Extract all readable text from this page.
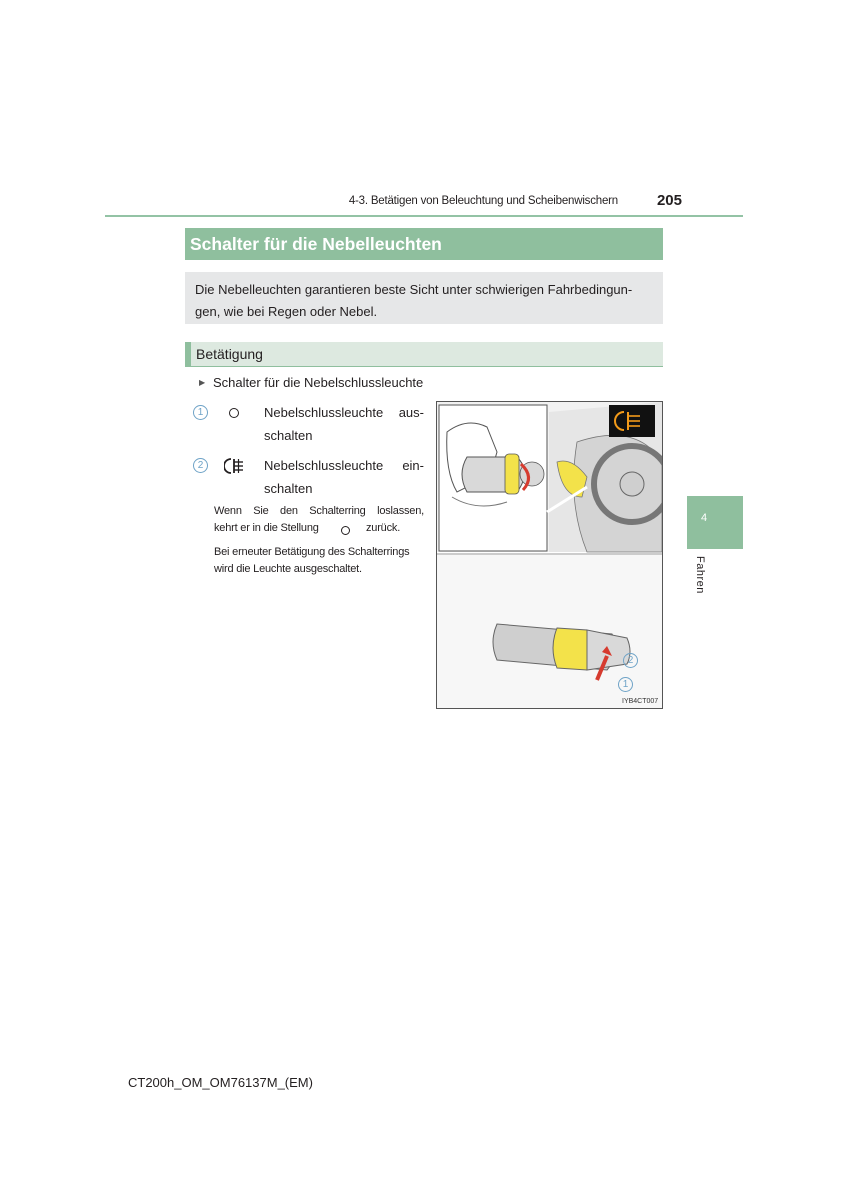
4-3. Betätigen von Beleuchtung und Scheibenwischern	205
4
Fahren
Schalter für die Nebelleuchten
Die Nebelleuchten garantieren beste Sicht unter schwierigen Fahrbedingun-gen, wie bei Regen oder Nebel.
Betätigung
▶ Schalter für die Nebelschlussleuchte
1	Nebelschlussleuchte aus-
schalten
2	Nebelschlussleuchte ein-
schalten
Wenn Sie den Schalterring loslassen,
kehrt er in die Stellung	zurück.
Bei erneuter Betätigung des Schalterrings
wird die Leuchte ausgeschaltet.
2
1
IYB4CT007
CT200h_OM_OM76137M_(EM)
